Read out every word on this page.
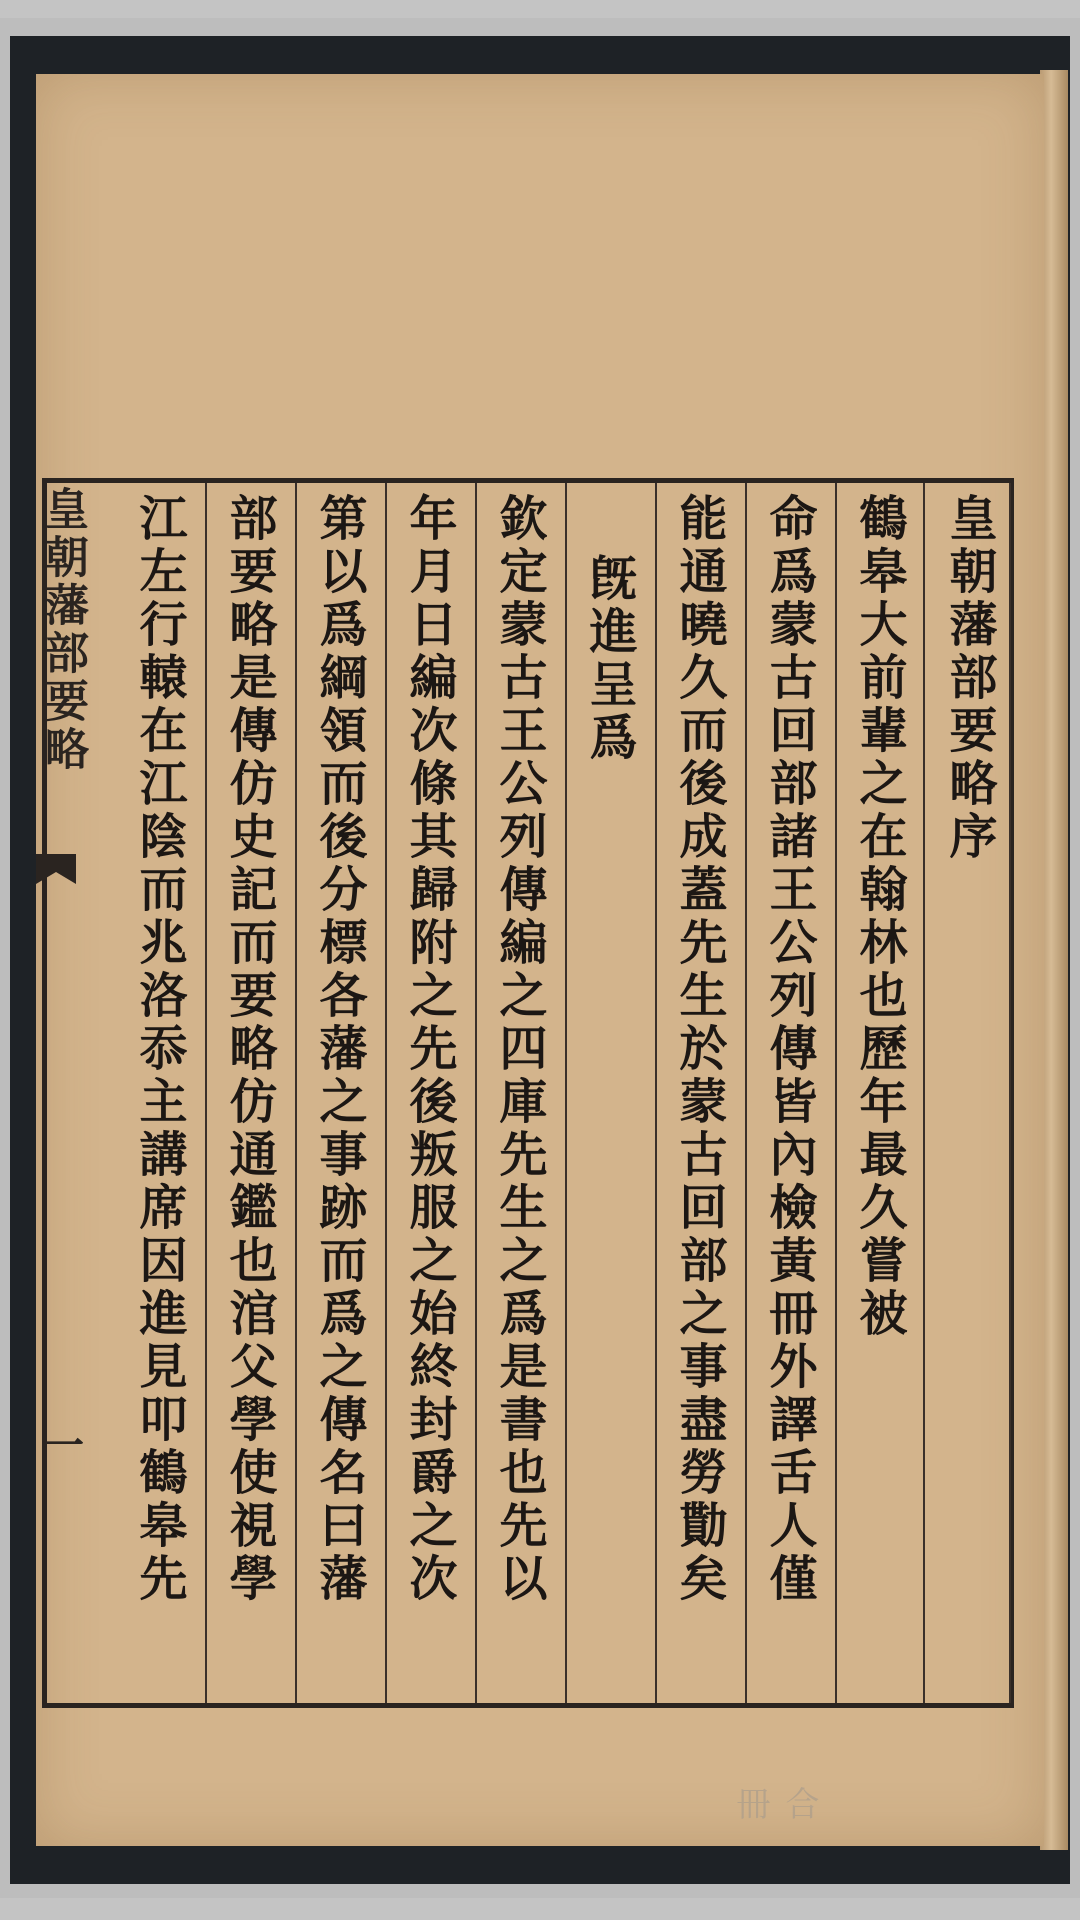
皇朝藩部要略
一
皇朝藩部要略序
鶴皋大前輩之在翰林也歷年最久嘗被
命爲蒙古回部諸王公列傳皆內檢黃冊外譯舌人僅
能通曉久而後成蓋先生於蒙古回部之事盡勞勩矣
旣進呈爲
欽定蒙古王公列傳編之四庫先生之爲是書也先以
年月日編次條其歸附之先後叛服之始終封爵之次
第以爲綱領而後分標各藩之事跡而爲之傳名曰藩
部要略是傳仿史記而要略仿通鑑也涫父學使視學
江左行轅在江陰而兆洛忝主講席因進見叩鶴皋先
合冊
